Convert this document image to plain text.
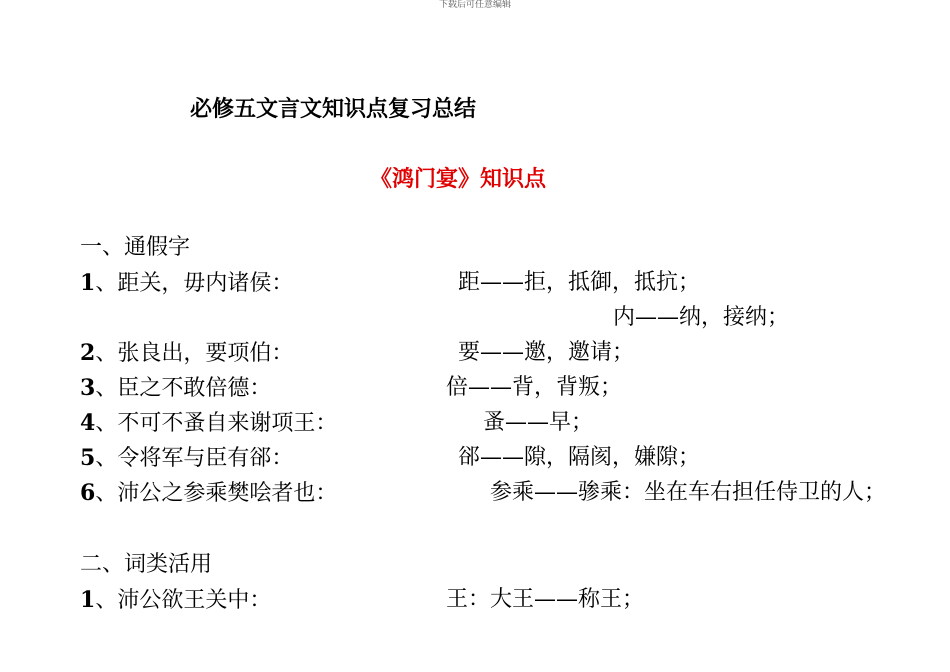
下载后可任意编辑
必修五文言文知识点复习总结
《鸿门宴》知识点
一、通假字
1、距关，毋内诸侯：	距——拒，抵御，抵抗；
内——纳，接纳；
2、张良出，要项伯：	要——邀，邀请；
3、臣之不敢倍德：	倍——背，背叛；
4、不可不蚤自来谢项王：	蚤——早；
5、令将军与臣有郤：	郤——隙，隔阂，嫌隙；
6、沛公之参乘樊哙者也：	参乘——骖乘：坐在车右担任侍卫的人；
二、词类活用
1、沛公欲王关中：	王：大王——称王；
